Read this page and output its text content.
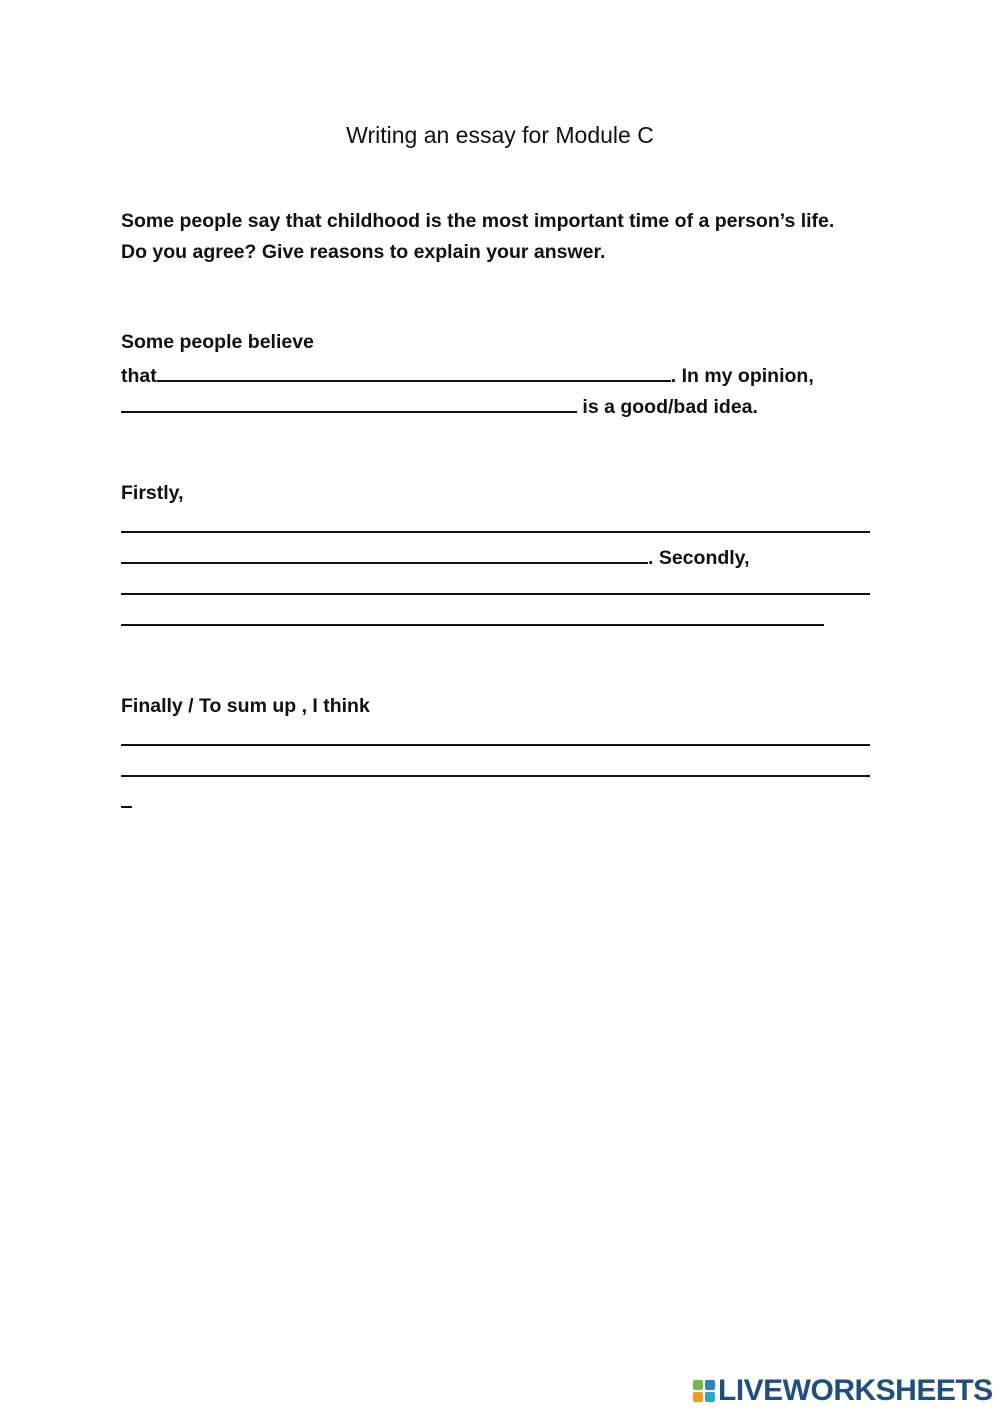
Writing an essay for Module C
Some people say that childhood is the most important time of a person’s life.
Do you agree? Give reasons to explain your answer.
Some people believe
that	. In my opinion,
is a good/bad idea.
Firstly,
. Secondly,
Finally / To sum up , I think
LIVEWORKSHEETS
